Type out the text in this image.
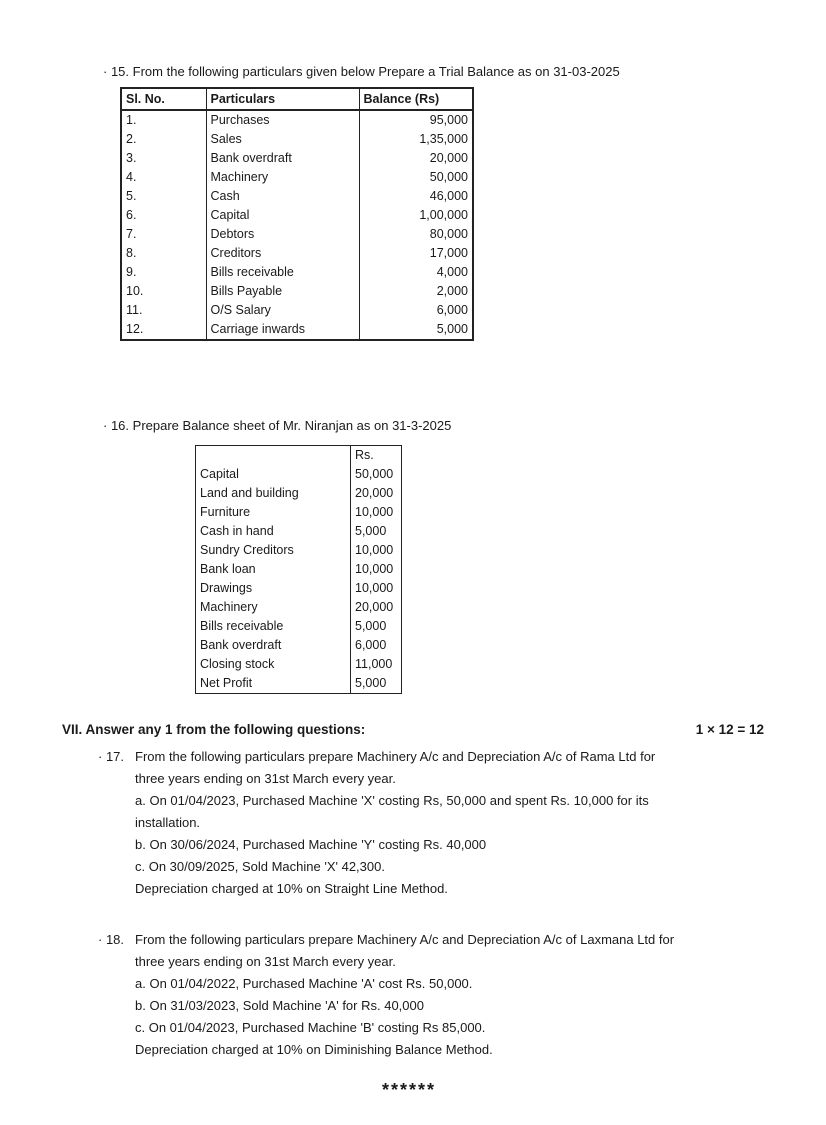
· 15. From the following particulars given below Prepare a Trial Balance as on 31-03-2025
Sl. No.	Particulars	Balance (Rs)
1.	Purchases	95,000
2.	Sales	1,35,000
3.	Bank overdraft	20,000
4.	Machinery	50,000
5.	Cash	46,000
6.	Capital	1,00,000
7.	Debtors	80,000
8.	Creditors	17,000
9.	Bills receivable	4,000
10.	Bills Payable	2,000
11.	O/S Salary	6,000
12.	Carriage inwards	5,000
· 16. Prepare Balance sheet of Mr. Niranjan as on 31-3-2025
	Rs.
Capital	50,000
Land and building	20,000
Furniture	10,000
Cash in hand	5,000
Sundry Creditors	10,000
Bank loan	10,000
Drawings	10,000
Machinery	20,000
Bills receivable	5,000
Bank overdraft	6,000
Closing stock	11,000
Net Profit	5,000
VII. Answer any 1 from the following questions:	1 × 12 = 12
· 17. From the following particulars prepare Machinery A/c and Depreciation A/c of Rama Ltd for
three years ending on 31st March every year.
a. On 01/04/2023, Purchased Machine 'X' costing Rs, 50,000 and spent Rs. 10,000 for its
installation.
b. On 30/06/2024, Purchased Machine 'Y' costing Rs. 40,000
c. On 30/09/2025, Sold Machine 'X' 42,300.
Depreciation charged at 10% on Straight Line Method.
· 18. From the following particulars prepare Machinery A/c and Depreciation A/c of Laxmana Ltd for
three years ending on 31st March every year.
a. On 01/04/2022, Purchased Machine 'A' cost Rs. 50,000.
b. On 31/03/2023, Sold Machine 'A' for Rs. 40,000
c. On 01/04/2023, Purchased Machine 'B' costing Rs 85,000.
Depreciation charged at 10% on Diminishing Balance Method.
******
